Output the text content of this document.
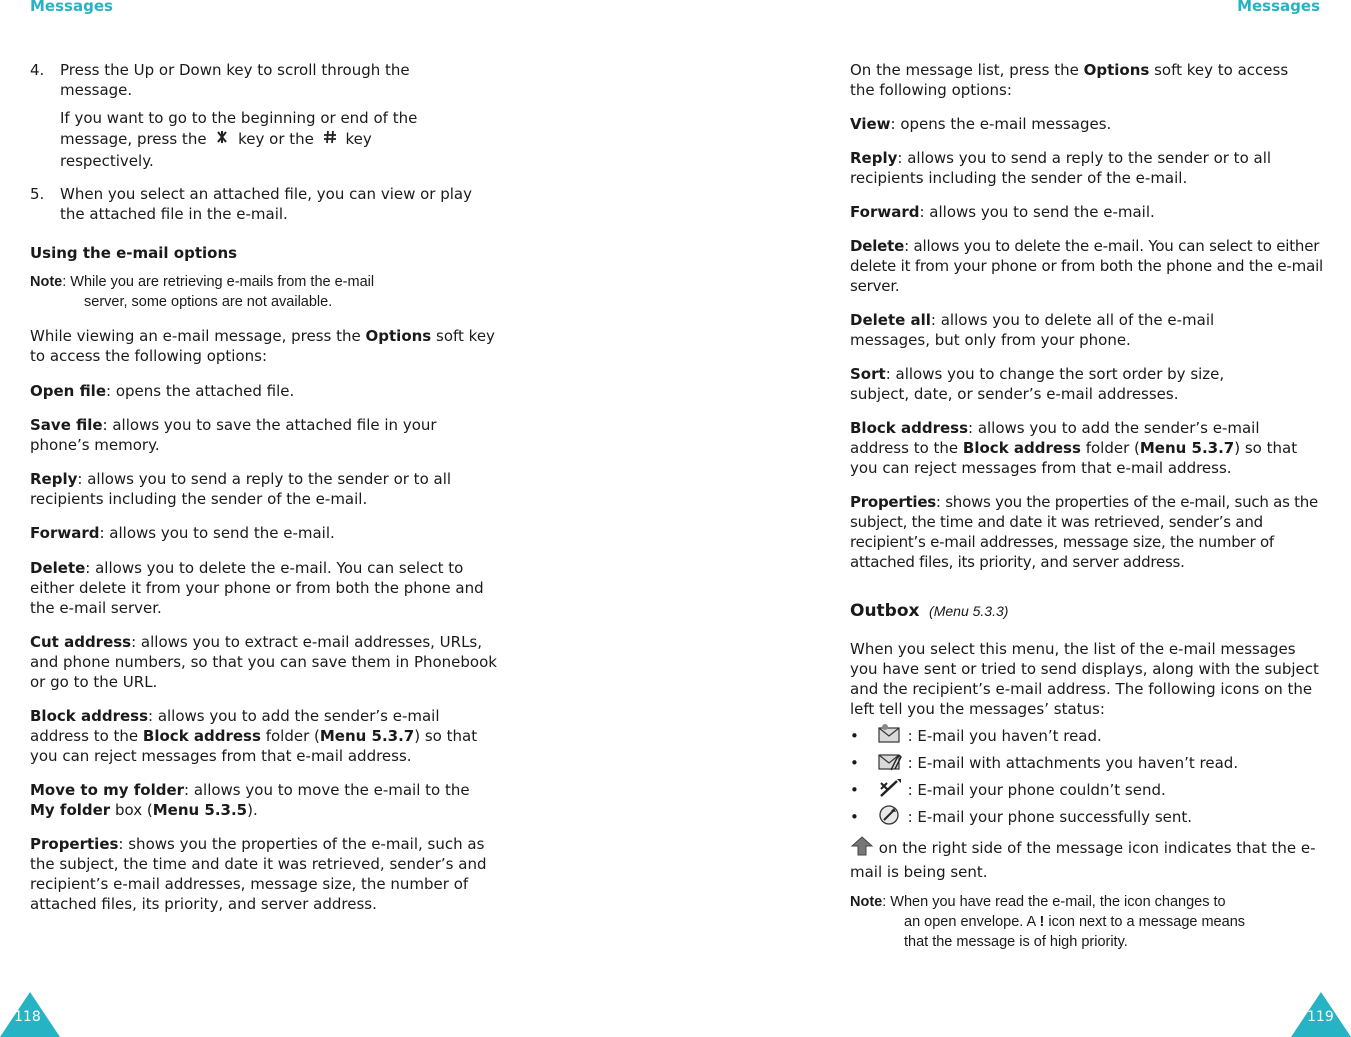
Messages	Messages
4.	Press the Up or Down key to scroll through the message.
If you want to go to the beginning or end of the message, press the key or the key respectively.
5.	When you select an attached file, you can view or play the attached file in the e-mail.

Using the e-mail options

Note: While you are retrieving e-mails from the e-mail
server, some options are not available.

While viewing an e-mail message, press the Options soft key to access the following options:

Open file: opens the attached file.

Save file: allows you to save the attached file in your phone’s memory.

Reply: allows you to send a reply to the sender or to all recipients including the sender of the e-mail.

Forward: allows you to send the e-mail.

Delete: allows you to delete the e-mail. You can select to either delete it from your phone or from both the phone and the e-mail server.

Cut address: allows you to extract e-mail addresses, URLs, and phone numbers, so that you can save them in Phonebook or go to the URL.

Block address: allows you to add the sender’s e-mail address to the Block address folder (Menu 5.3.7) so that you can reject messages from that e-mail address.

Move to my folder: allows you to move the e-mail to the My folder box (Menu 5.3.5).

Properties: shows you the properties of the e-mail, such as the subject, the time and date it was retrieved, sender’s and recipient’s e-mail addresses, message size, the number of attached files, its priority, and server address.

On the message list, press the Options soft key to access the following options:

View: opens the e-mail messages.

Reply: allows you to send a reply to the sender or to all recipients including the sender of the e-mail.

Forward: allows you to send the e-mail.

Delete: allows you to delete the e-mail. You can select to either delete it from your phone or from both the phone and the e-mail server.

Delete all: allows you to delete all of the e-mail messages, but only from your phone.

Sort: allows you to change the sort order by size, subject, date, or sender’s e-mail addresses.

Block address: allows you to add the sender’s e-mail address to the Block address folder (Menu 5.3.7) so that you can reject messages from that e-mail address.

Properties: shows you the properties of the e-mail, such as the subject, the time and date it was retrieved, sender’s and recipient’s e-mail addresses, message size, the number of attached files, its priority, and server address.

Outbox (Menu 5.3.3)

When you select this menu, the list of the e-mail messages you have sent or tried to send displays, along with the subject and the recipient’s e-mail address. The following icons on the left tell you the messages’ status:

•	: E-mail you haven’t read.
•	: E-mail with attachments you haven’t read.
•	: E-mail your phone couldn’t send.
•	: E-mail your phone successfully sent.

on the right side of the message icon indicates that the e-mail is being sent.

Note: When you have read the e-mail, the icon changes to
an open envelope. A ! icon next to a message means
that the message is of high priority.
118	119
